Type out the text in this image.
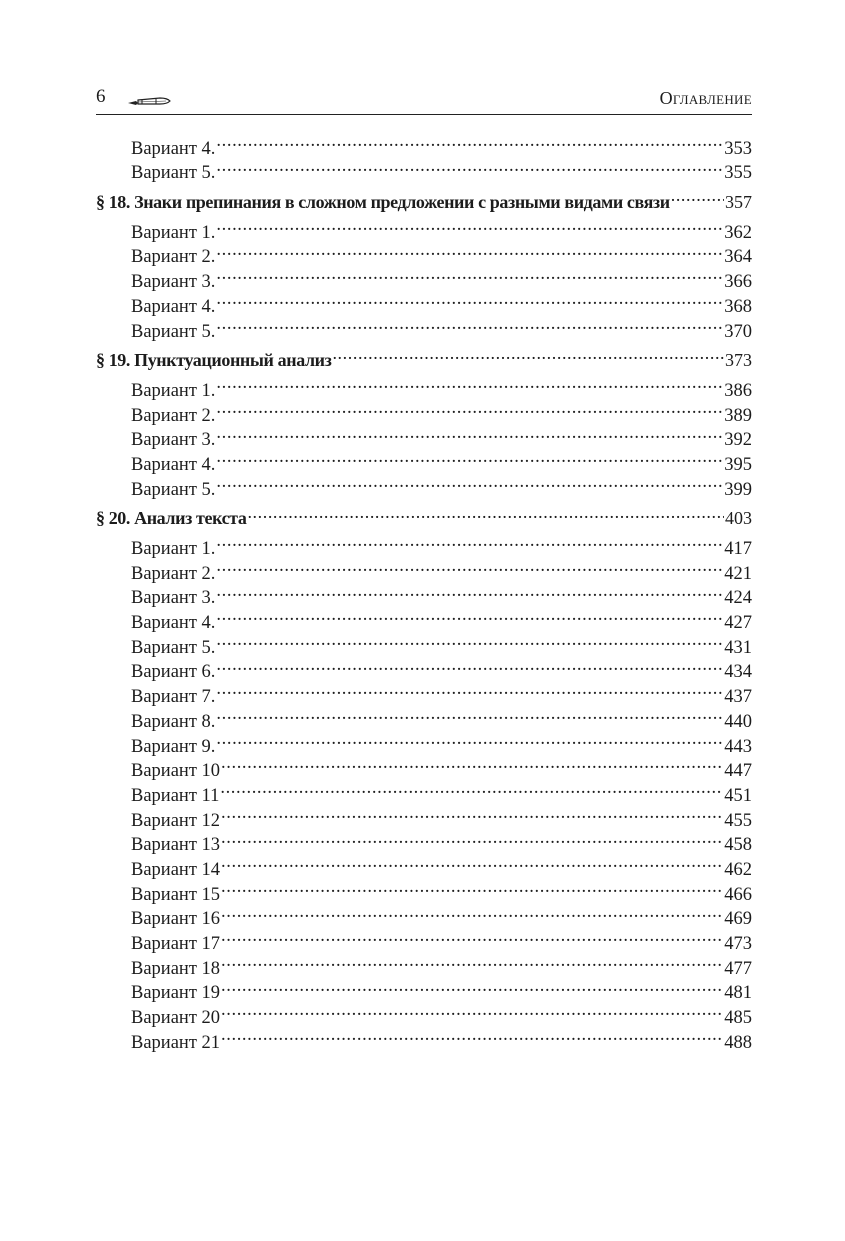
6	Оглавление
Вариант 4. .....	353
Вариант 5. .....	355
§ 18. Знаки препинания в сложном предложении с разными видами связи .....	357
Вариант 1. .....	362
Вариант 2. .....	364
Вариант 3. .....	366
Вариант 4. .....	368
Вариант 5. .....	370
§ 19. Пунктуационный анализ .....	373
Вариант 1. .....	386
Вариант 2. .....	389
Вариант 3. .....	392
Вариант 4. .....	395
Вариант 5. .....	399
§ 20. Анализ текста .....	403
Вариант 1. .....	417
Вариант 2. .....	421
Вариант 3. .....	424
Вариант 4. .....	427
Вариант 5. .....	431
Вариант 6. .....	434
Вариант 7. .....	437
Вариант 8. .....	440
Вариант 9. .....	443
Вариант 10 .....	447
Вариант 11 .....	451
Вариант 12 .....	455
Вариант 13 .....	458
Вариант 14 .....	462
Вариант 15 .....	466
Вариант 16 .....	469
Вариант 17 .....	473
Вариант 18 .....	477
Вариант 19 .....	481
Вариант 20 .....	485
Вариант 21 .....	488
